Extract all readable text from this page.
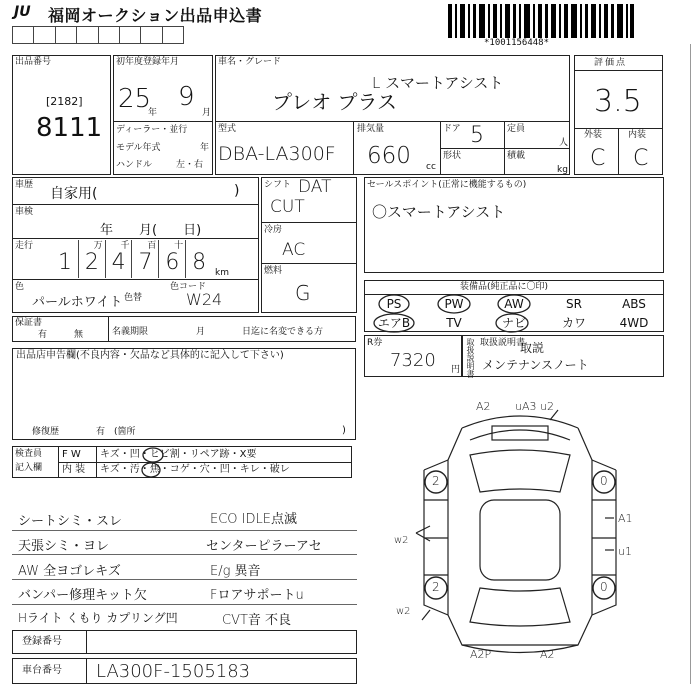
JU 福岡オークション出品申込書
*1001156448*
出品番号
[2182]
8111
初年度登録年月
25
年
9
月
ディーラー・並行
モデル年式	年
ハンドル	左・右
車名・グレード
プレオ プラス
L スマートアシスト
型式
DBA-LA300F
排気量
660 cc
ドア 5	定員
人
形状	積載
kg
評価点
3.5
外装	内装
C C
車歴
自家用(	)
車検
年　　月(　　日)
走行
1 2
万
4
千
7
百
6
十
8 km
色
パールホワイト 色替
色コード
W24
シフト DAT
CUT
冷房
AC
燃料
G
セールスポイント(正常に機能するもの)
〇スマートアシスト
装備品(純正品に〇印)
PS	PW	AW	SR	ABS
エアB	TV	ナビ	カワ	4WD
保証書
有	無	名義期限	月	日迄に名変できる方
R券
7320 円 取扱説明書 取扱説明書
取説
メンテナンスノート
出品店申告欄(不良内容・欠品など具体的に記入して下さい)
修復歴	有　(箇所	)
検査員
記入欄
F W キズ・凹・ヒビ割・リペア跡・X要
内 装 キズ・汚・焦・コゲ・穴・凹・キレ・破レ
シートシミ・スレ
天張シミ・ヨレ
AW 全ヨゴレキズ
バンパー修理キット欠
Hライト くもり カプリング凹
ECO IDLE点滅
センターピラーアセ
E/g 異音
Fロアサポートu
CVT音 不良
登録番号
車台番号 LA300F-1505183
A2 uA3 u2
A1
u1
w2
2	0
2	0
w2
A2P	A2
